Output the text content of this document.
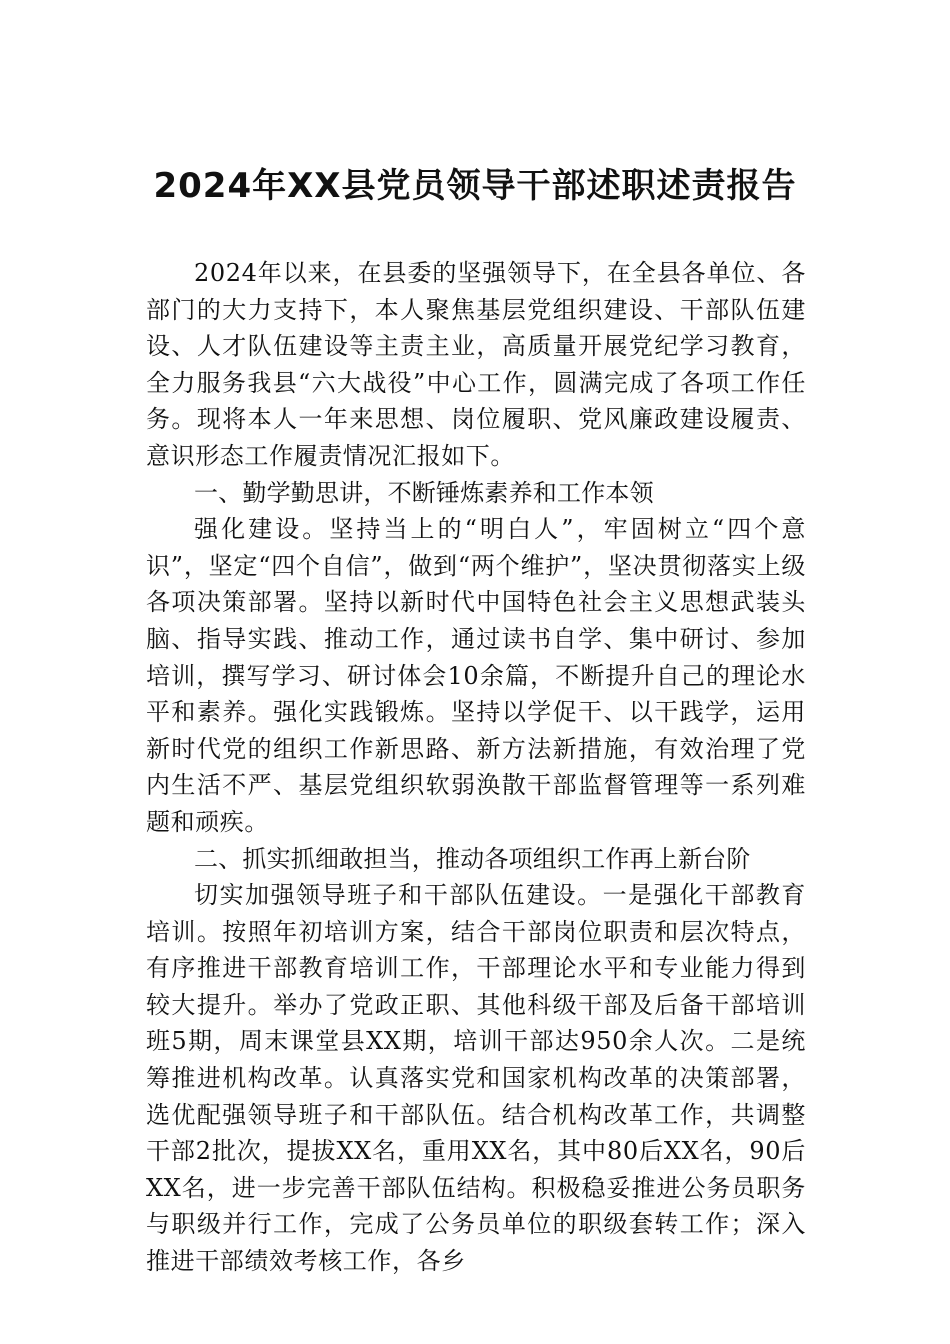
2024年XX县党员领导干部述职述责报告

2024年以来，在县委的坚强领导下，在全县各单位、各部门的大力支持下，本人聚焦基层党组织建设、干部队伍建设、人才队伍建设等主责主业，高质量开展党纪学习教育，全力服务我县“六大战役”中心工作，圆满完成了各项工作任务。现将本人一年来思想、岗位履职、党风廉政建设履责、意识形态工作履责情况汇报如下。

一、勤学勤思讲，不断锤炼素养和工作本领

强化建设。坚持当上的“明白人”，牢固树立“四个意识”，坚定“四个自信”，做到“两个维护”，坚决贯彻落实上级各项决策部署。坚持以新时代中国特色社会主义思想武装头脑、指导实践、推动工作，通过读书自学、集中研讨、参加培训，撰写学习、研讨体会10余篇，不断提升自己的理论水平和素养。强化实践锻炼。坚持以学促干、以干践学，运用新时代党的组织工作新思路、新方法新措施，有效治理了党内生活不严、基层党组织软弱涣散干部监督管理等一系列难题和顽疾。

二、抓实抓细敢担当，推动各项组织工作再上新台阶

切实加强领导班子和干部队伍建设。一是强化干部教育培训。按照年初培训方案，结合干部岗位职责和层次特点，有序推进干部教育培训工作，干部理论水平和专业能力得到较大提升。举办了党政正职、其他科级干部及后备干部培训班5期，周末课堂县XX期，培训干部达950余人次。二是统筹推进机构改革。认真落实党和国家机构改革的决策部署，选优配强领导班子和干部队伍。结合机构改革工作，共调整干部2批次，提拔XX名，重用XX名，其中80后XX名，90后XX名，进一步完善干部队伍结构。积极稳妥推进公务员职务与职级并行工作，完成了公务员单位的职级套转工作；深入推进干部绩效考核工作，各乡
